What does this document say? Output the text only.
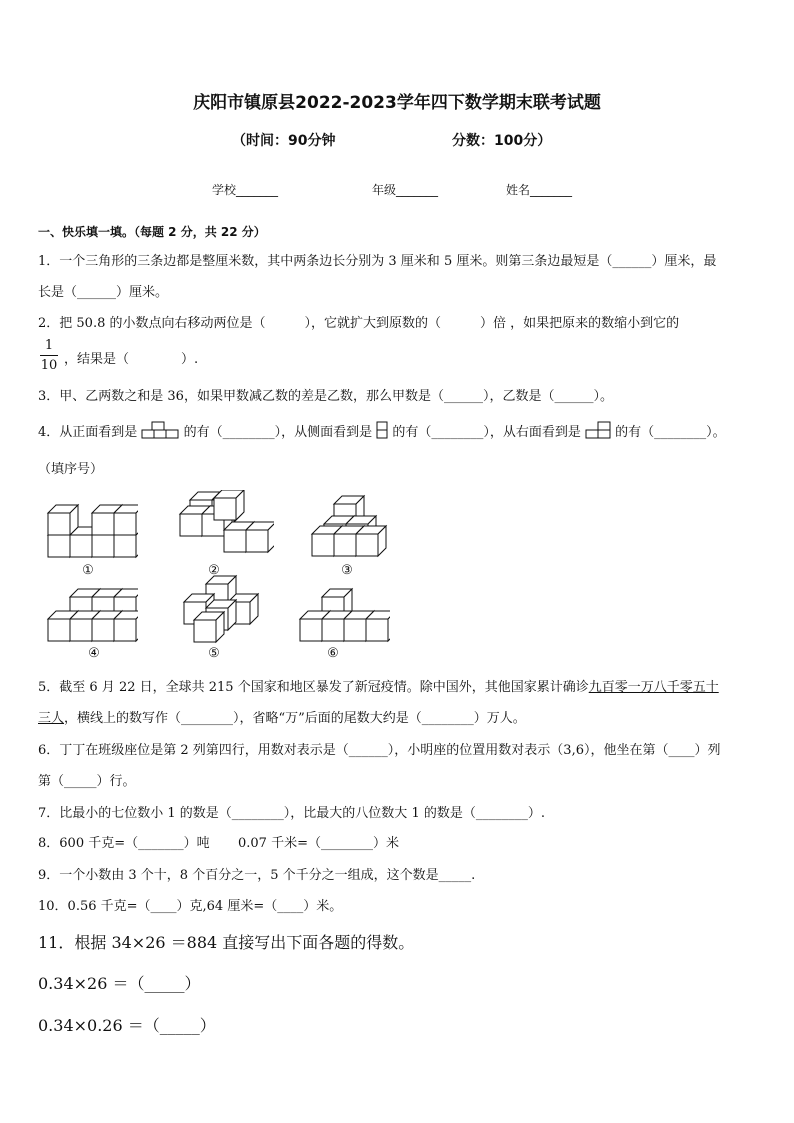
庆阳市镇原县2022-2023学年四下数学期末联考试题
（时间：90分钟	分数：100分）
学校_______	年级_______	姓名_______
一、快乐填一填。（每题 2 分，共 22 分）
1．一个三角形的三条边都是整厘米数，其中两条边长分别为 3 厘米和 5 厘米。则第三条边最短是（______）厘米，最
长是（______）厘米。
2．把 50.8 的小数点向右移动两位是（　　　），它就扩大到原数的（　　　）倍 ，如果把原来的数缩小到它的
1
10 ，结果是（　　　　）.
3．甲、乙两数之和是 36，如果甲数减乙数的差是乙数，那么甲数是（______），乙数是（______）。
4．从正面看到是	的有（________），从侧面看到是 的有（________），从右面看到是	的有（________）。
（填序号）
①	②	③
④	⑤	⑥
5．截至 6 月 22 日，全球共 215 个国家和地区暴发了新冠疫情。除中国外，其他国家累计确诊九百零一万八千零五十
三人，横线上的数写作（________），省略“万”后面的尾数大约是（________）万人。
6．丁丁在班级座位是第 2 列第四行，用数对表示是（______），小明座的位置用数对表示（3,6），他坐在第（____）列
第（_____）行。
7．比最小的七位数小 1 的数是（________），比最大的八位数大 1 的数是（________）.
8．600 千克=（_______）吨 0.07 千米=（________）米
9．一个小数由 3 个十，8 个百分之一，5 个千分之一组成，这个数是_____.
10．0.56 千克=（____）克,64 厘米=（____）米。
11．根据 34×26 ＝884 直接写出下面各题的得数。
0.34×26 ＝（_____）
0.34×0.26 ＝（_____）
